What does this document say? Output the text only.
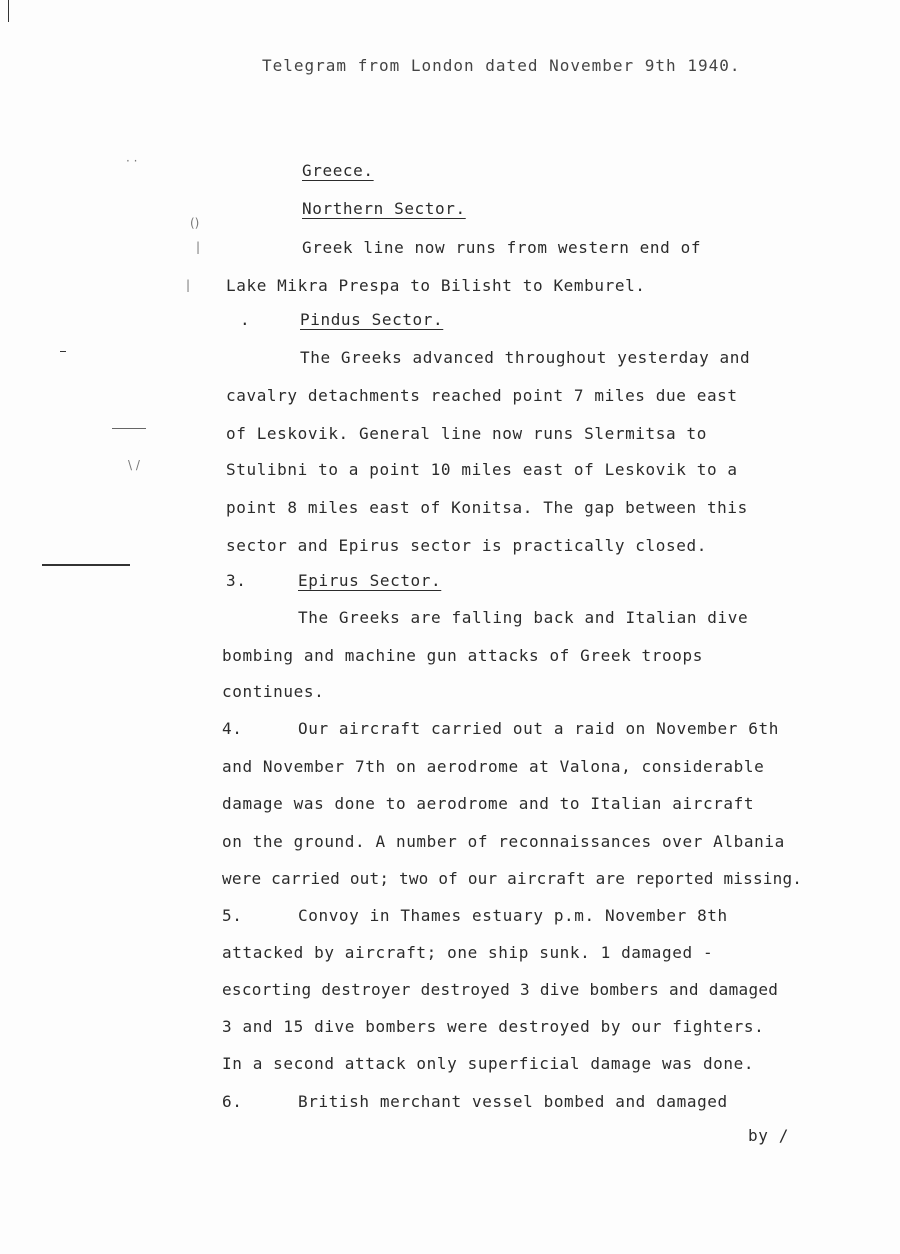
Telegram from London dated November 9th 1940.
· ·
()
|
|
\ /
Greece.
Northern Sector.
Greek line now runs from western end of
Lake Mikra Prespa to Bilisht to Kemburel.
.	Pindus Sector.
The Greeks advanced throughout yesterday and
cavalry detachments reached point 7 miles due east
of Leskovik. General line now runs Slermitsa to
Stulibni to a point 10 miles east of Leskovik to a
point 8 miles east of Konitsa. The gap between this
sector and Epirus sector is practically closed.
3.	Epirus Sector.
The Greeks are falling back and Italian dive
bombing and machine gun attacks of Greek troops
continues.
4.	Our aircraft carried out a raid on November 6th
and November 7th on aerodrome at Valona, considerable
damage was done to aerodrome and to Italian aircraft
on the ground. A number of reconnaissances over Albania
were carried out; two of our aircraft are reported missing.
5.	Convoy in Thames estuary p.m. November 8th
attacked by aircraft; one ship sunk. 1 damaged -
escorting destroyer destroyed 3 dive bombers and damaged
3 and 15 dive bombers were destroyed by our fighters.
In a second attack only superficial damage was done.
6.	British merchant vessel bombed and damaged
by /
